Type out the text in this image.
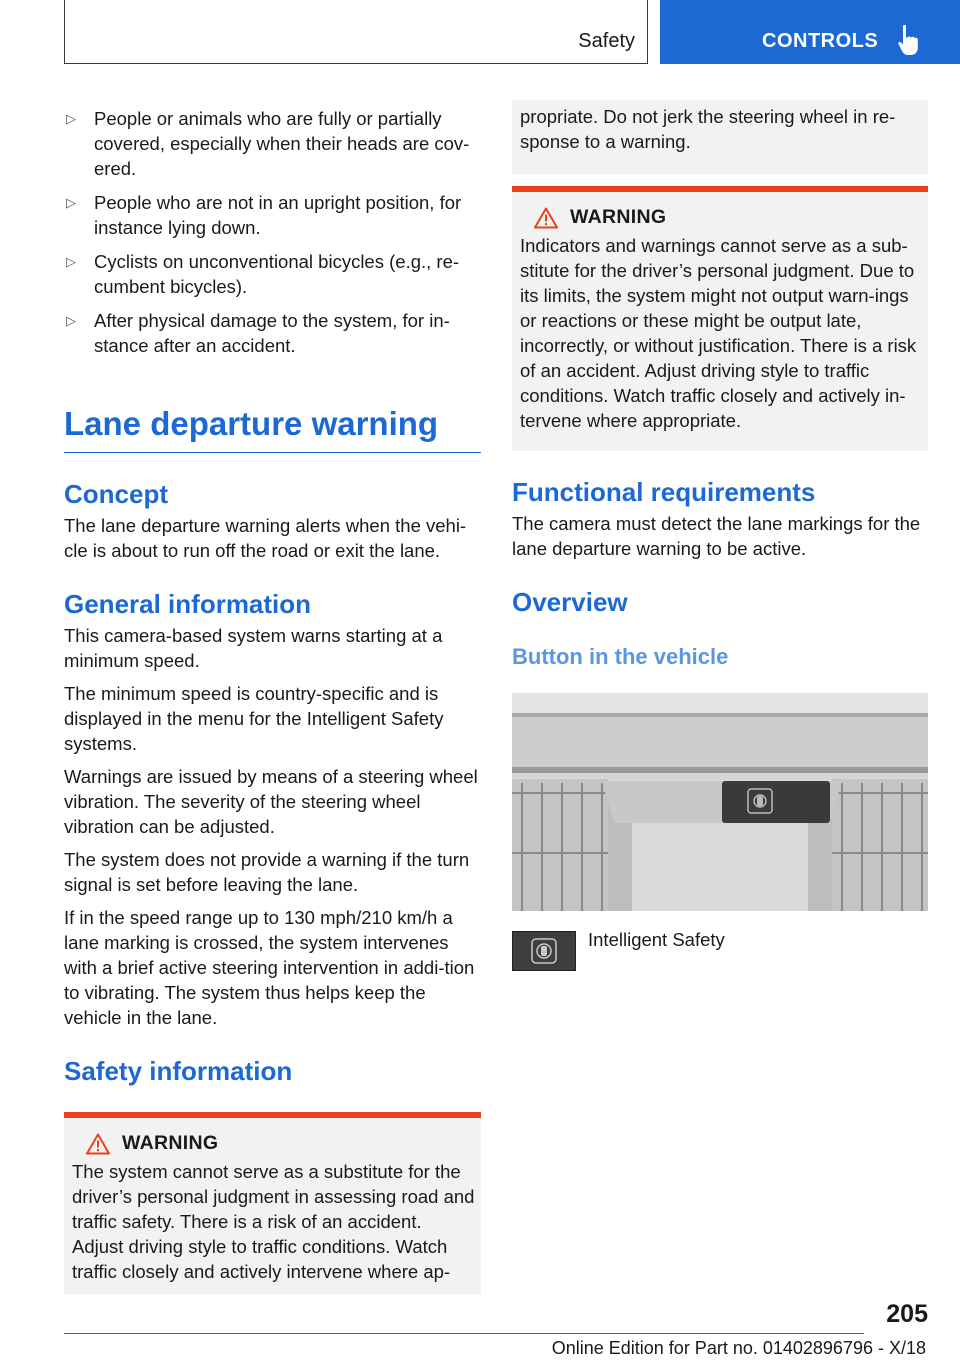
Safety	CONTROLS
▷ People or animals who are fully or partially covered, especially when their heads are cov-ered.
▷ People who are not in an upright position, for instance lying down.
▷ Cyclists on unconventional bicycles (e.g., re-cumbent bicycles).
▷ After physical damage to the system, for in-stance after an accident.
Lane departure warning
Concept

The lane departure warning alerts when the vehi-cle is about to run off the road or exit the lane.

General information

This camera-based system warns starting at a minimum speed.

The minimum speed is country-specific and is displayed in the menu for the Intelligent Safety systems.

Warnings are issued by means of a steering wheel vibration. The severity of the steering wheel vibration can be adjusted.

The system does not provide a warning if the turn signal is set before leaving the lane.

If in the speed range up to 130 mph/210 km/h a lane marking is crossed, the system intervenes with a brief active steering intervention in addi-tion to vibrating. The system thus helps keep the vehicle in the lane.

Safety information
WARNING
The system cannot serve as a substitute for the driver’s personal judgment in assessing road and traffic safety. There is a risk of an accident. Adjust driving style to traffic conditions. Watch traffic closely and actively intervene where ap-
propriate. Do not jerk the steering wheel in re-sponse to a warning.
WARNING
Indicators and warnings cannot serve as a sub-stitute for the driver’s personal judgment. Due to its limits, the system might not output warn-ings or reactions or these might be output late, incorrectly, or without justification. There is a risk of an accident. Adjust driving style to traffic conditions. Watch traffic closely and actively in-tervene where appropriate.
Functional requirements

The camera must detect the lane markings for the lane departure warning to be active.

Overview
Button in the vehicle
Intelligent Safety
205
Online Edition for Part no. 01402896796 - X/18
